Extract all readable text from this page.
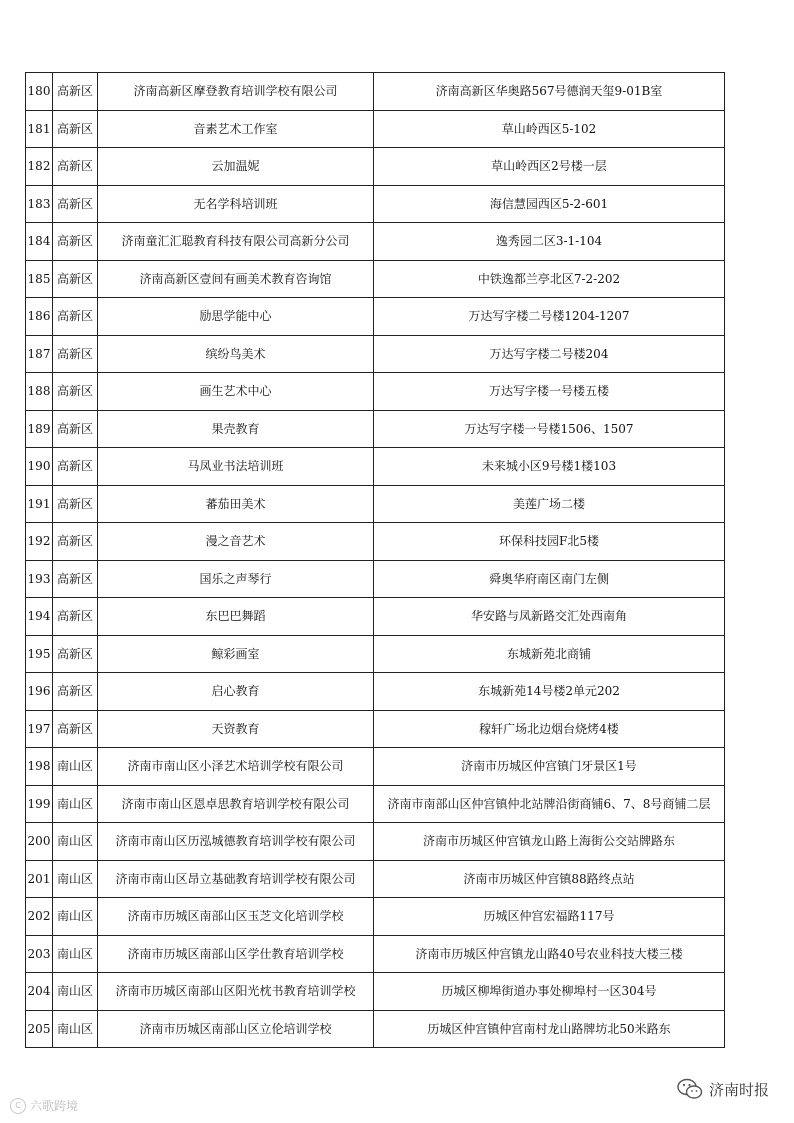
180	高新区	济南高新区摩登教育培训学校有限公司	济南高新区华奥路567号德润天玺9-01B室
181	高新区	音素艺术工作室	草山岭西区5-102
182	高新区	云加温妮	草山岭西区2号楼一层
183	高新区	无名学科培训班	海信慧园西区5-2-601
184	高新区	济南童汇汇聪教育科技有限公司高新分公司	逸秀园二区3-1-104
185	高新区	济南高新区壹间有画美术教育咨询馆	中铁逸都兰亭北区7-2-202
186	高新区	励思学能中心	万达写字楼二号楼1204-1207
187	高新区	缤纷鸟美术	万达写字楼二号楼204
188	高新区	画生艺术中心	万达写字楼一号楼五楼
189	高新区	果壳教育	万达写字楼一号楼1506、1507
190	高新区	马凤业书法培训班	未来城小区9号楼1楼103
191	高新区	蕃茄田美术	美莲广场二楼
192	高新区	漫之音艺术	环保科技园F北5楼
193	高新区	国乐之声琴行	舜奥华府南区南门左侧
194	高新区	东巴巴舞蹈	华安路与凤新路交汇处西南角
195	高新区	鲸彩画室	东城新苑北商铺
196	高新区	启心教育	东城新苑14号楼2单元202
197	高新区	天资教育	稼轩广场北边烟台烧烤4楼
198	南山区	济南市南山区小泽艺术培训学校有限公司	济南市历城区仲宫镇门牙景区1号
199	南山区	济南市南山区恩卓思教育培训学校有限公司	济南市南部山区仲宫镇仲北站牌沿街商铺6、7、8号商铺二层
200	南山区	济南市南山区历泓城德教育培训学校有限公司	济南市历城区仲宫镇龙山路上海街公交站牌路东
201	南山区	济南市南山区昂立基础教育培训学校有限公司	济南市历城区仲宫镇88路终点站
202	南山区	济南市历城区南部山区玉芝文化培训学校	历城区仲宫宏福路117号
203	南山区	济南市历城区南部山区学仕教育培训学校	济南市历城区仲宫镇龙山路40号农业科技大楼三楼
204	南山区	济南市历城区南部山区阳光枕书教育培训学校	历城区柳埠街道办事处柳埠村一区304号
205	南山区	济南市历城区南部山区立伦培训学校	历城区仲宫镇仲宫南村龙山路牌坊北50米路东
C 六歌跨境
济南时报
